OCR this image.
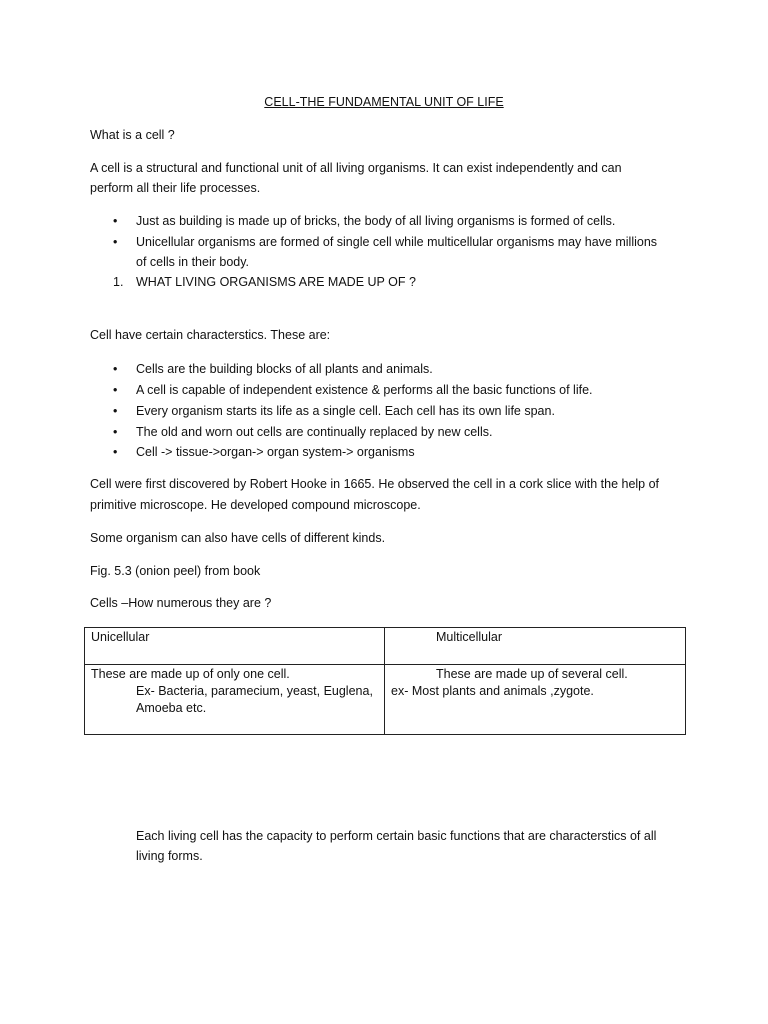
CELL-THE FUNDAMENTAL UNIT OF LIFE
What is a cell ?
A cell is a structural and functional unit of all living organisms. It can exist independently and can
perform all their life processes.
• Just as building is made up of bricks, the body of all living organisms is formed of cells.
• Unicellular organisms are formed of single cell while multicellular organisms may have millions
of cells in their body.
1. WHAT LIVING ORGANISMS ARE MADE UP OF ?
Cell have certain characterstics. These are:
• Cells are the building blocks of all plants and animals.
• A cell is capable of independent existence & performs all the basic functions of life.
• Every organism starts its life as a single cell. Each cell has its own life span.
• The old and worn out cells are continually replaced by new cells.
• Cell -> tissue->organ-> organ system-> organisms
Cell were first discovered by Robert Hooke in 1665. He observed the cell in a cork slice with the help of
primitive microscope. He developed compound microscope.
Some organism can also have cells of different kinds.
Fig. 5.3 (onion peel) from book
Cells –How numerous they are ?
Unicellular	Multicellular

These are made up of only one cell.
Ex- Bacteria, paramecium, yeast, Euglena,
Amoeba etc.	These are made up of several cell.
ex- Most plants and animals ,zygote.
Each living cell has the capacity to perform certain basic functions that are characterstics of all
living forms.
